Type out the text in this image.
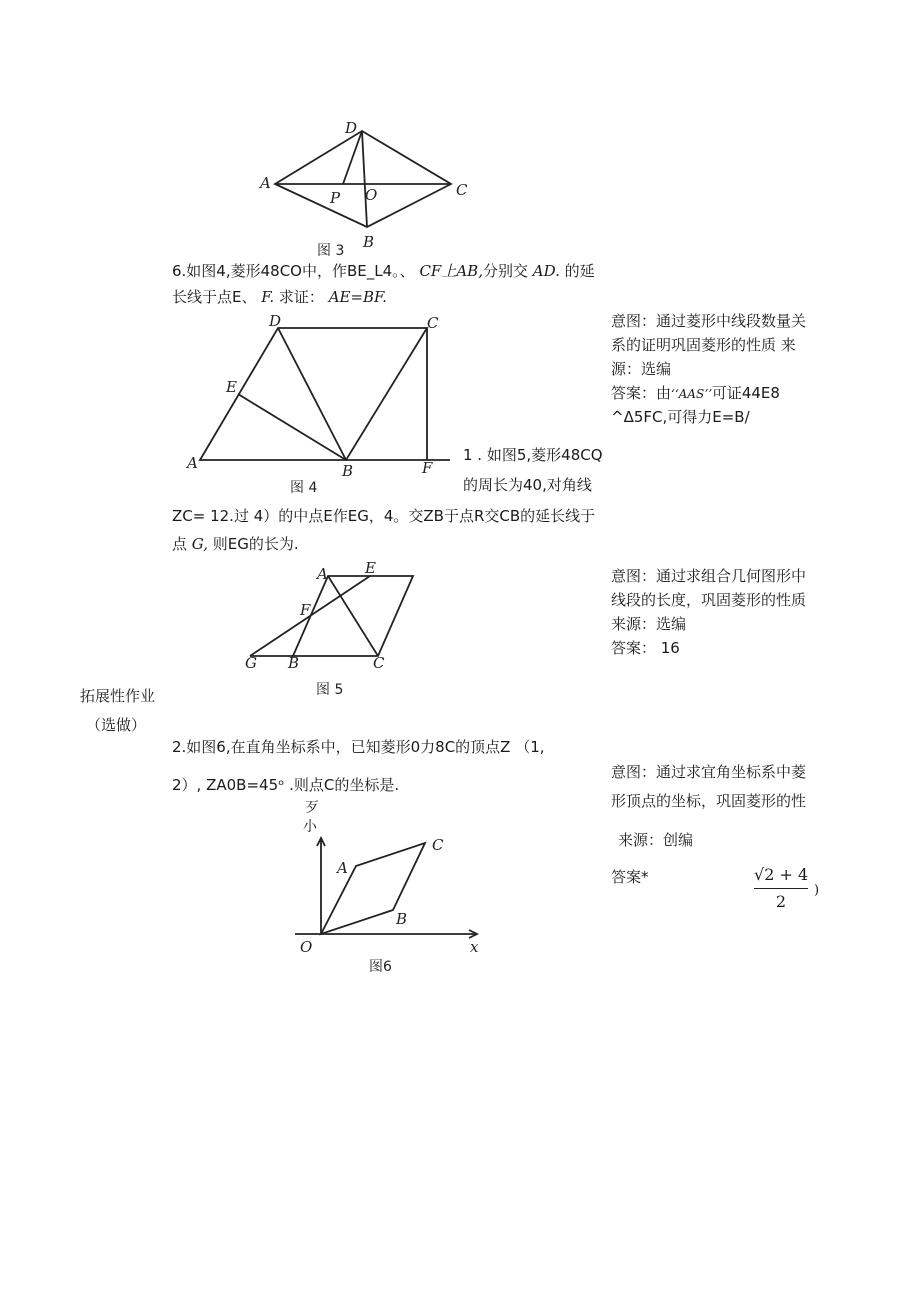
D
A
P O	C
B
图 3
6.如图4,菱形48CO中，作BE_L4。、 CF上AB,分别交 AD. 的延
长线于点E、 F. 求证： AE=BF.
D	C
E
A	B	F
图 4
意图：通过菱形中线段数量关
系的证明巩固菱形的性质 来
源：选编
答案：由ʻʻAASʼʼ可证44E8
^Δ5FC,可得力E=B/
1 . 如图5,菱形48CQ
的周长为40,对角线
ZC= 12.过 4）的中点E作EG，4。交ZB于点R交CB的延长线于
点 G, 则EG的长为.
A E
F
G B	C
图 5
意图：通过求组合几何图形中
线段的长度，巩固菱形的性质
来源：选编
答案： 16
拓展性作业
（选做）
2.如图6,在直角坐标系中，已知菱形0力8C的顶点Z （1,
2）, ZA0B=45ᵒ .则点C的坐标是.
歹
小
A
C
B
O	x
图6
意图：通过求宜角坐标系中菱
形顶点的坐标，巩固菱形的性
来源：创编
答案*	√2 + 4
2
)
